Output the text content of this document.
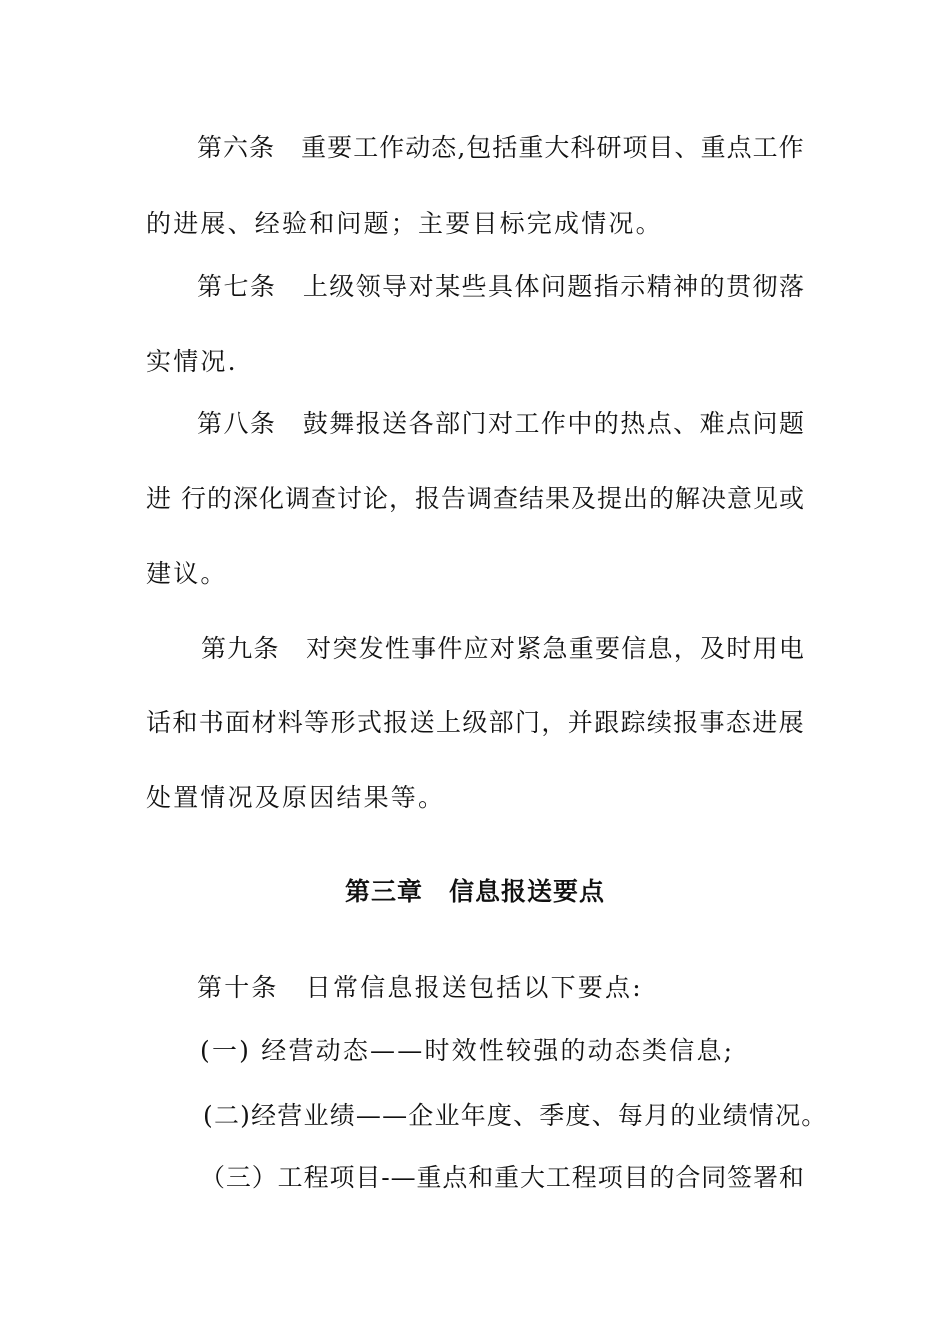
第 六 条
　 重 要 工 作 动 态 , 包 括 重 大 科 研 项 目 、 重 点 工 作
的进展、经验和问题；主要目标完成情况。
第 七 条
　 上 级 领 导 对 某 些 具 体 问 题 指 示 精 神 的 贯 彻 落
实情况.
第 八 条
　 鼓 舞 报 送 各 部 门 对 工 作 中 的 热 点 、 难 点 问 题
进
行 的 深 化 调 查 讨 论 ， 报 告 调 查 结 果 及 提 出 的 解 决 意 见 或
建议。
第 九 条
　 对 突 发 性 事 件 应 对 紧 急 重 要 信 息 ， 及 时 用 电
话 和 书 面 材 料 等 形 式 报 送 上 级 部 门 ， 并 跟 踪 续 报 事 态 进 展
处置情况及原因结果等。
第三章　信息报送要点
第十条　日常信息报送包括以下要点:
(一) 经营动态——时效性较强的动态类信息;
(二)经营业绩——企业年度、季度、每月的业绩情况。
（ 三 ） 工 程 项 目 - — 重 点 和 重 大 工 程 项 目 的 合 同 签 署 和
